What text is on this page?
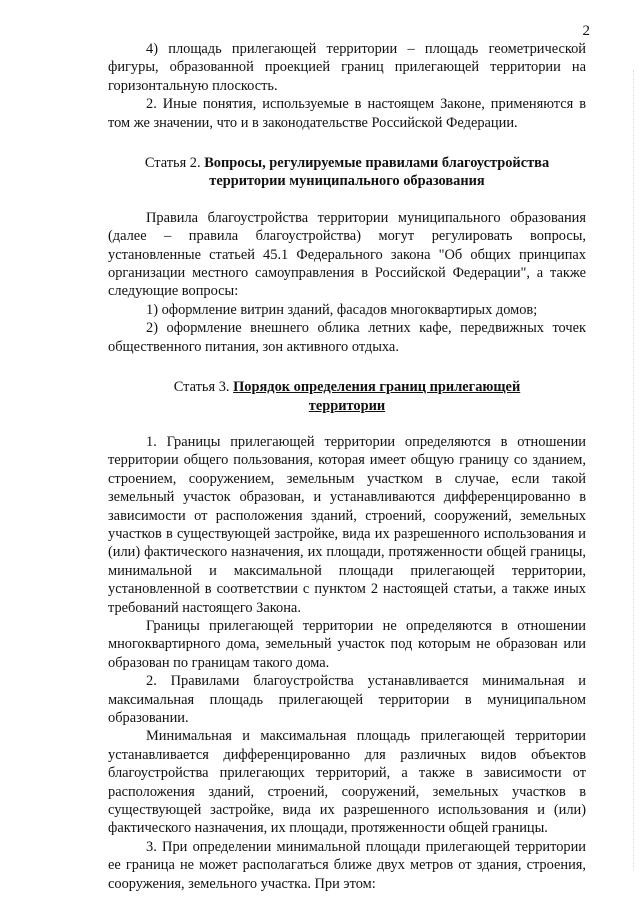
2

4) площадь прилегающей территории – площадь геометрической фигуры, образованной проекцией границ прилегающей территории на горизонтальную плоскость.

2. Иные понятия, используемые в настоящем Законе, применяются в том же значении, что и в законодательстве Российской Федерации.

Статья 2. Вопросы, регулируемые правилами благоустройства территории муниципального образования

Правила благоустройства территории муниципального образования (далее – правила благоустройства) могут регулировать вопросы, установленные статьей 45.1 Федерального закона "Об общих принципах организации местного самоуправления в Российской Федерации", а также следующие вопросы:

1) оформление витрин зданий, фасадов многоквартирых домов;

2) оформление внешнего облика летних кафе, передвижных точек общественного питания, зон активного отдыха.

Статья 3. Порядок определения границ прилегающей территории

1. Границы прилегающей территории определяются в отношении территории общего пользования, которая имеет общую границу со зданием, строением, сооружением, земельным участком в случае, если такой земельный участок образован, и устанавливаются дифференцированно в зависимости от расположения зданий, строений, сооружений, земельных участков в существующей застройке, вида их разрешенного использования и (или) фактического назначения, их площади, протяженности общей границы, минимальной и максимальной площади прилегающей территории, установленной в соответствии с пунктом 2 настоящей статьи, а также иных требований настоящего Закона.

Границы прилегающей территории не определяются в отношении многоквартирного дома, земельный участок под которым не образован или образован по границам такого дома.

2. Правилами благоустройства устанавливается минимальная и максимальная площадь прилегающей территории в муниципальном образовании.

Минимальная и максимальная площадь прилегающей территории устанавливается дифференцированно для различных видов объектов благоустройства прилегающих территорий, а также в зависимости от расположения зданий, строений, сооружений, земельных участков в существующей застройке, вида их разрешенного использования и (или) фактического назначения, их площади, протяженности общей границы.

3. При определении минимальной площади прилегающей территории ее граница не может располагаться ближе двух метров от здания, строения, сооружения, земельного участка. При этом:
